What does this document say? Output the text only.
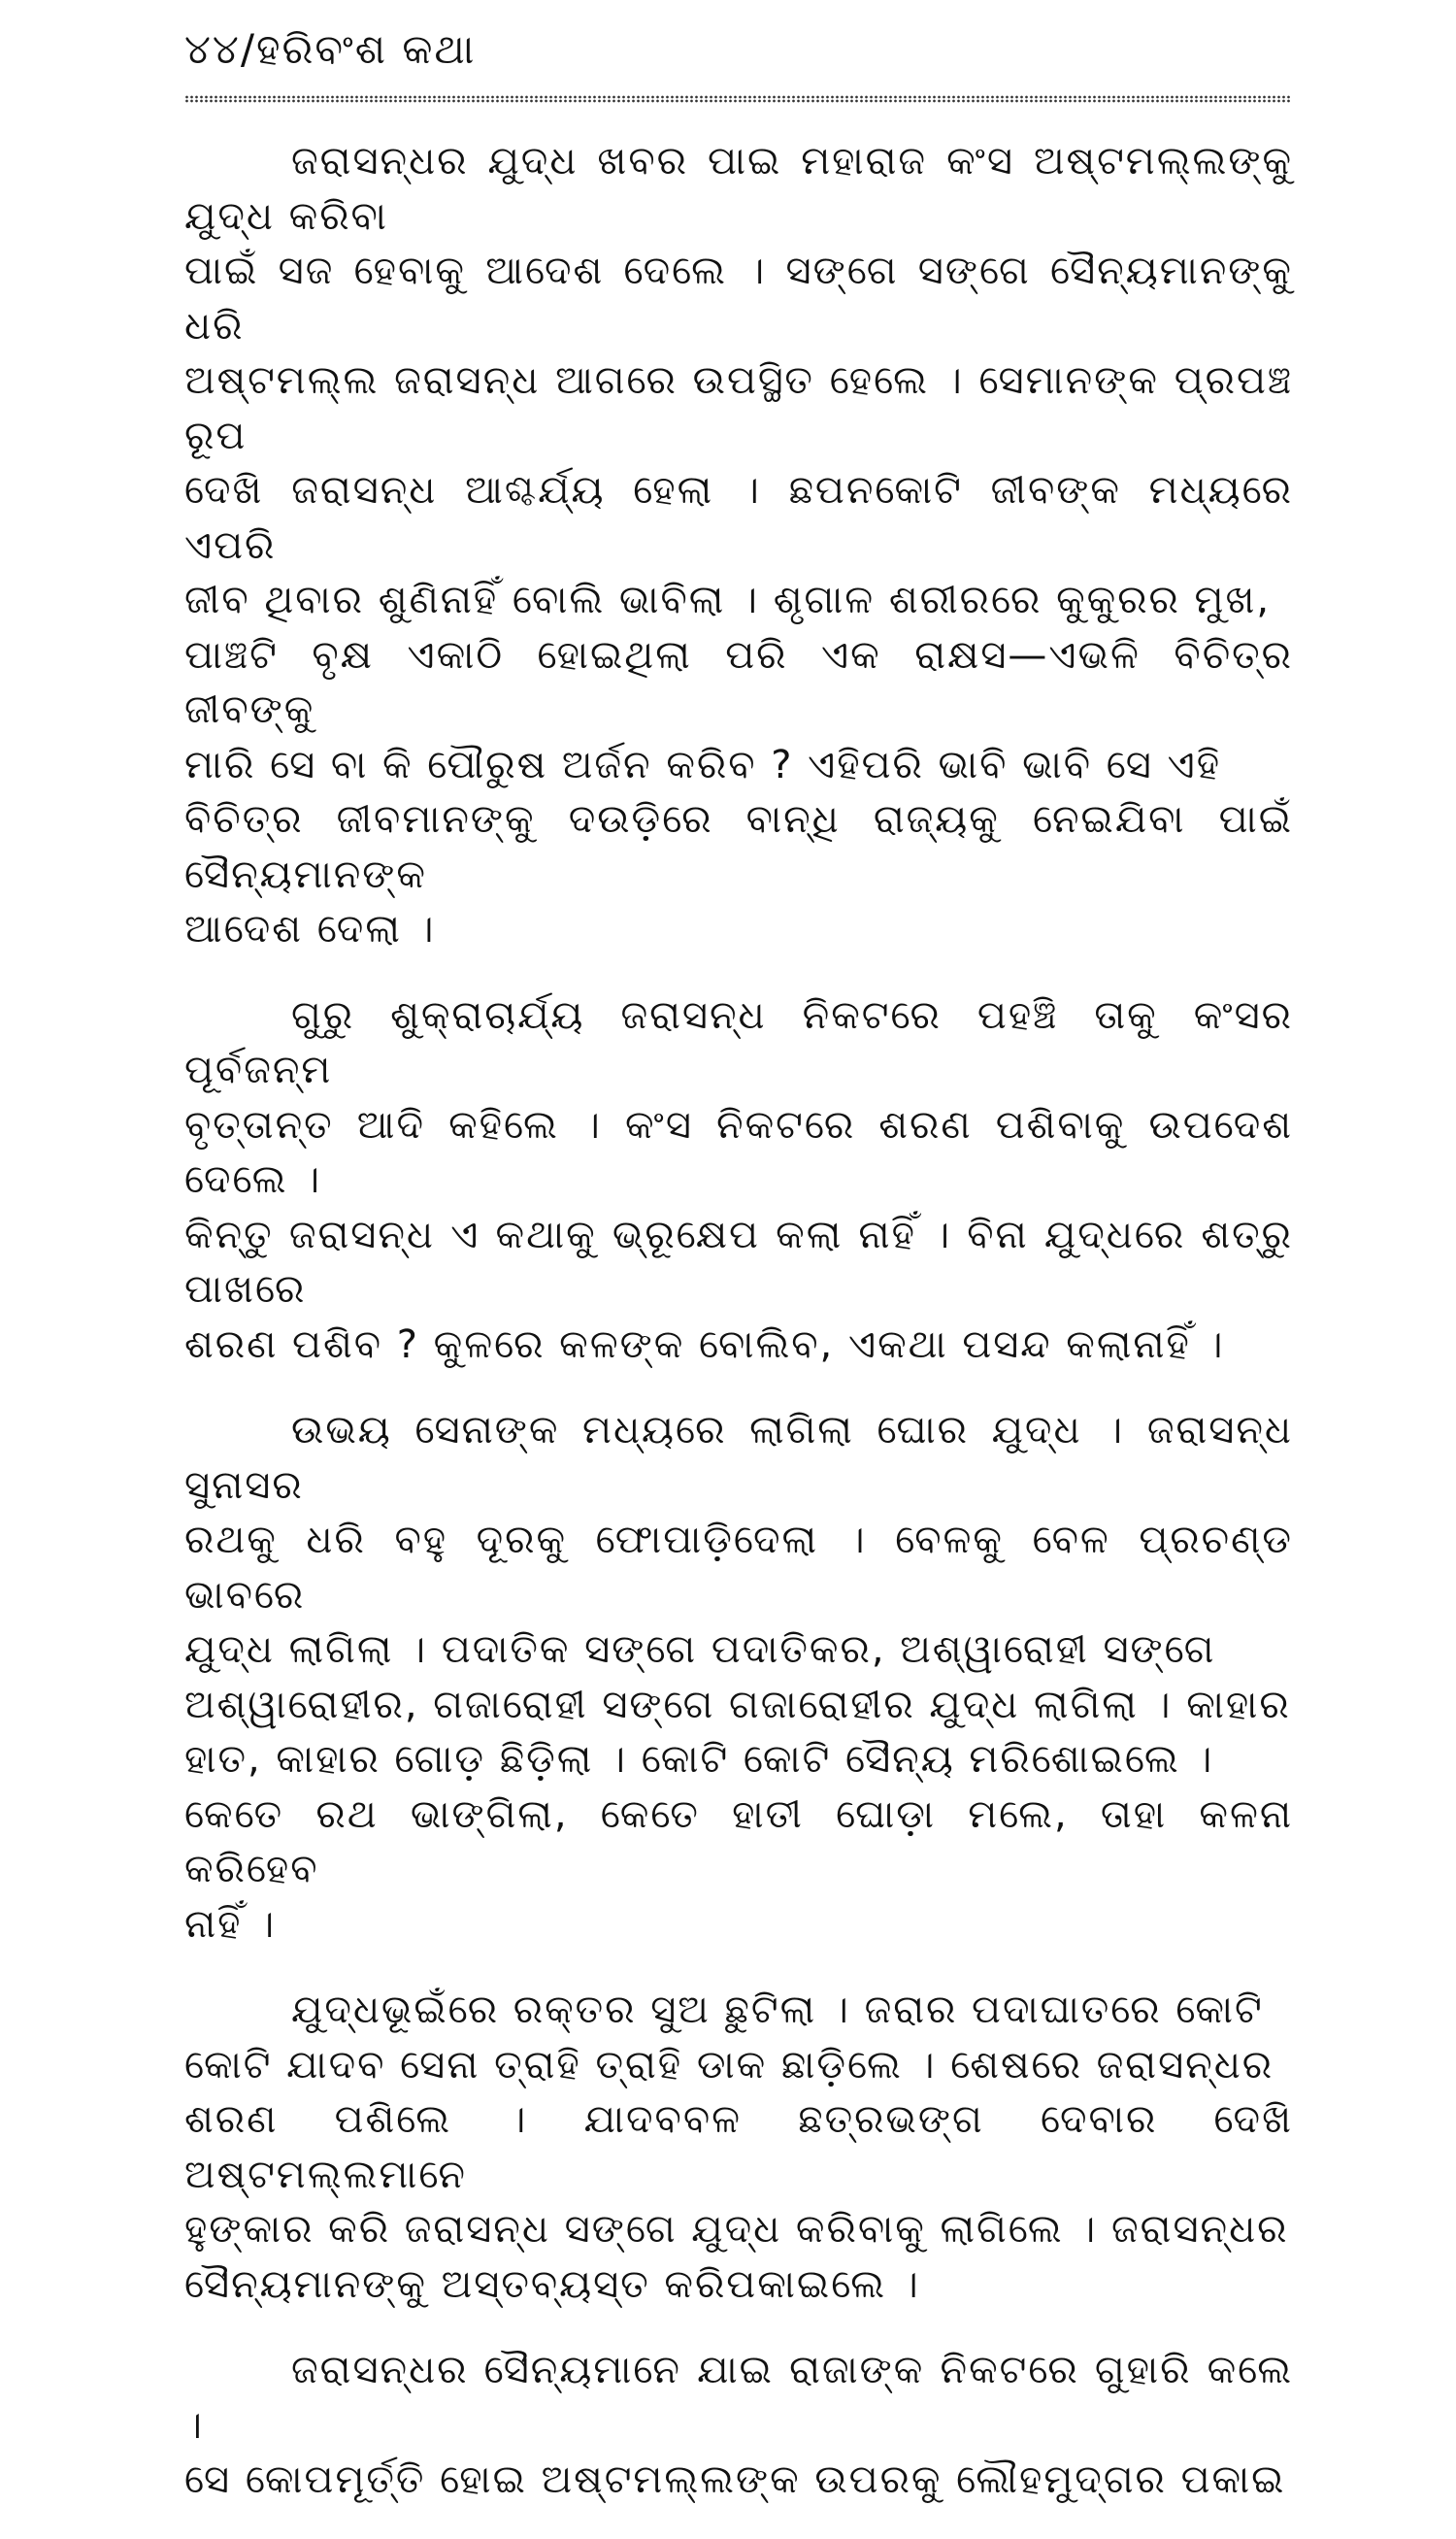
୪୪/ହରିବଂଶ କଥା

ଜରାସନ୍ଧର ଯୁଦ୍ଧ ଖବର ପାଇ ମହାରାଜ କଂସ ଅଷ୍ଟମଲ୍ଲଙ୍କୁ ଯୁଦ୍ଧ କରିବା
ପାଇଁ ସଜ ହେବାକୁ ଆଦେଶ ଦେଲେ । ସଙ୍ଗେ ସଙ୍ଗେ ସୈନ୍ୟମାନଙ୍କୁ ଧରି
ଅଷ୍ଟମଲ୍ଲ ଜରାସନ୍ଧ ଆଗରେ ଉପସ୍ଥିତ ହେଲେ । ସେମାନଙ୍କ ପ୍ରପଞ୍ଚ ରୂପ
ଦେଖି ଜରାସନ୍ଧ ଆଶ୍ଚର୍ଯ୍ୟ ହେଲା । ଛପନକୋଟି ଜୀବଙ୍କ ମଧ୍ୟରେ ଏପରି
ଜୀବ ଥିବାର ଶୁଣିନାହିଁ ବୋଲି ଭାବିଲା । ଶୃଗାଳ ଶରୀରରେ କୁକୁରର ମୁଖ,
ପାଞ୍ଚଟି ବୃକ୍ଷ ଏକାଠି ହୋଇଥିଲା ପରି ଏକ ରାକ୍ଷସ—ଏଭଳି ବିଚିତ୍ର ଜୀବଙ୍କୁ
ମାରି ସେ ବା କି ପୌରୁଷ ଅର୍ଜନ କରିବ ? ଏହିପରି ଭାବି ଭାବି ସେ ଏହି
ବିଚିତ୍ର ଜୀବମାନଙ୍କୁ ଦଉଡ଼ିରେ ବାନ୍ଧି ରାଜ୍ୟକୁ ନେଇଯିବା ପାଇଁ ସୈନ୍ୟମାନଙ୍କ
ଆଦେଶ ଦେଲା ।

ଗୁରୁ ଶୁକ୍ରାଚାର୍ଯ୍ୟ ଜରାସନ୍ଧ ନିକଟରେ ପହଞ୍ଚି ତାକୁ କଂସର ପୂର୍ବଜନ୍ମ
ବୃତ୍ତାନ୍ତ ଆଦି କହିଲେ । କଂସ ନିକଟରେ ଶରଣ ପଶିବାକୁ ଉପଦେଶ ଦେଲେ ।
କିନ୍ତୁ ଜରାସନ୍ଧ ଏ କଥାକୁ ଭ୍ରୂକ୍ଷେପ କଲା ନାହିଁ । ବିନା ଯୁଦ୍ଧରେ ଶତ୍ରୁ ପାଖରେ
ଶରଣ ପଶିବ ? କୁଳରେ କଳଙ୍କ ବୋଲିବ, ଏକଥା ପସନ୍ଦ କଲାନାହିଁ ।

ଉଭୟ ସେନାଙ୍କ ମଧ୍ୟରେ ଲାଗିଲା ଘୋର ଯୁଦ୍ଧ । ଜରାସନ୍ଧ ସୁନାସର
ରଥକୁ ଧରି ବହୁ ଦୂରକୁ ଫୋପାଡ଼ିଦେଲା । ବେଳକୁ ବେଳ ପ୍ରଚଣ୍ଡ ଭାବରେ
ଯୁଦ୍ଧ ଲାଗିଲା । ପଦାତିକ ସଙ୍ଗେ ପଦାତିକର, ଅଶ୍ୱାରୋହୀ ସଙ୍ଗେ
ଅଶ୍ୱାରୋହୀର, ଗଜାରୋହୀ ସଙ୍ଗେ ଗଜାରୋହୀର ଯୁଦ୍ଧ ଲାଗିଲା । କାହାର
ହାତ, କାହାର ଗୋଡ଼ ଛିଡ଼ିଲା । କୋଟି କୋଟି ସୈନ୍ୟ ମରିଶୋଇଲେ ।
କେତେ ରଥ ଭାଙ୍ଗିଲା, କେତେ ହାତୀ ଘୋଡ଼ା ମଲେ, ତାହା କଳନା କରିହେବ
ନାହିଁ ।

ଯୁଦ୍ଧଭୂଇଁରେ ରକ୍ତର ସୁଅ ଛୁଟିଲା । ଜରାର ପଦାଘାତରେ କୋଟି
କୋଟି ଯାଦବ ସେନା ତ୍ରାହି ତ୍ରାହି ଡାକ ଛାଡ଼ିଲେ । ଶେଷରେ ଜରାସନ୍ଧର
ଶରଣ ପଶିଲେ । ଯାଦବବଳ ଛତ୍ରଭଙ୍ଗ ଦେବାର ଦେଖି ଅଷ୍ଟମଲ୍ଲମାନେ
ହୁଙ୍କାର କରି ଜରାସନ୍ଧ ସଙ୍ଗେ ଯୁଦ୍ଧ କରିବାକୁ ଲାଗିଲେ । ଜରାସନ୍ଧର
ସୈନ୍ୟମାନଙ୍କୁ ଅସ୍ତବ୍ୟସ୍ତ କରିପକାଇଲେ ।

ଜରାସନ୍ଧର ସୈନ୍ୟମାନେ ଯାଇ ରାଜାଙ୍କ ନିକଟରେ ଗୁହାରି କଲେ ।
ସେ କୋପମୂର୍ତ୍ତି ହୋଇ ଅଷ୍ଟମଲ୍ଲଙ୍କ ଉପରକୁ ଲୌହମୁଦ୍ଗର ପକାଇ
